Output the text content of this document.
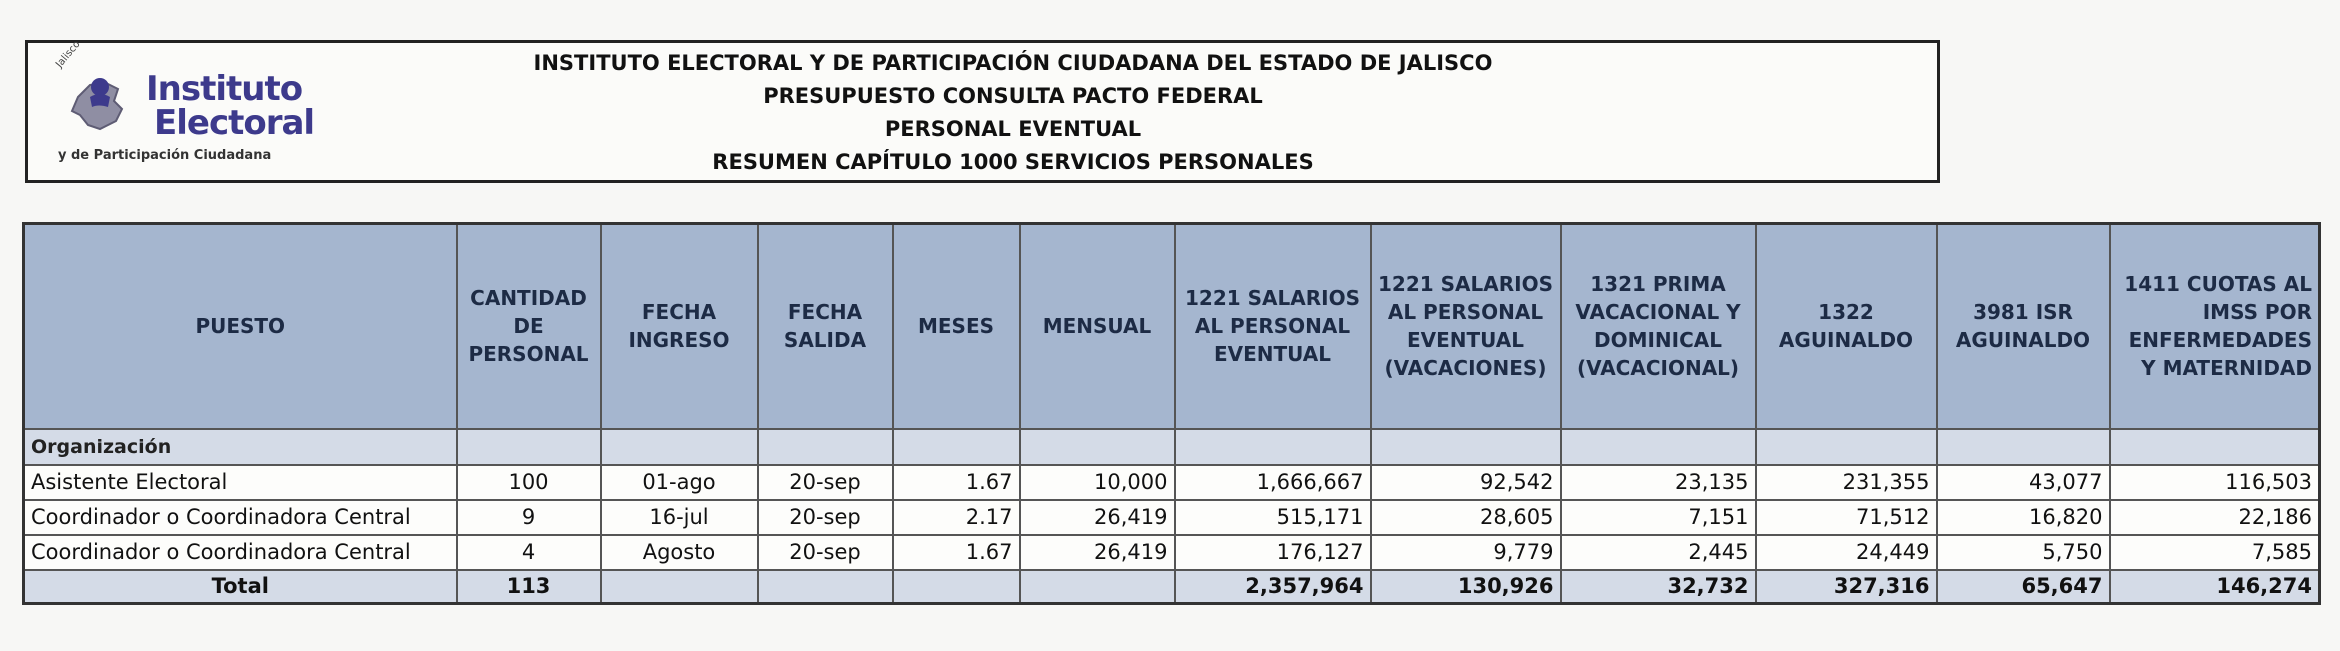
Jalisco
Instituto
Electoral
y de Participación Ciudadana
INSTITUTO ELECTORAL Y DE PARTICIPACIÓN CIUDADANA DEL ESTADO DE JALISCO
PRESUPUESTO CONSULTA PACTO FEDERAL
PERSONAL EVENTUAL
RESUMEN CAPÍTULO 1000 SERVICIOS PERSONALES
PUESTO	CANTIDAD DE PERSONAL	FECHA INGRESO	FECHA SALIDA	MESES	MENSUAL	1221 SALARIOS AL PERSONAL EVENTUAL	1221 SALARIOS AL PERSONAL EVENTUAL (VACACIONES)	1321 PRIMA VACACIONAL Y DOMINICAL (VACACIONAL)	1322 AGUINALDO	3981 ISR AGUINALDO	1411 CUOTAS AL IMSS POR ENFERMEDADES Y MATERNIDAD
Organización											
Asistente Electoral	100	01-ago	20-sep	1.67	10,000	1,666,667	92,542	23,135	231,355	43,077	116,503
Coordinador o Coordinadora Central	9	16-jul	20-sep	2.17	26,419	515,171	28,605	7,151	71,512	16,820	22,186
Coordinador o Coordinadora Central	4	Agosto	20-sep	1.67	26,419	176,127	9,779	2,445	24,449	5,750	7,585
Total	113					2,357,964	130,926	32,732	327,316	65,647	146,274
